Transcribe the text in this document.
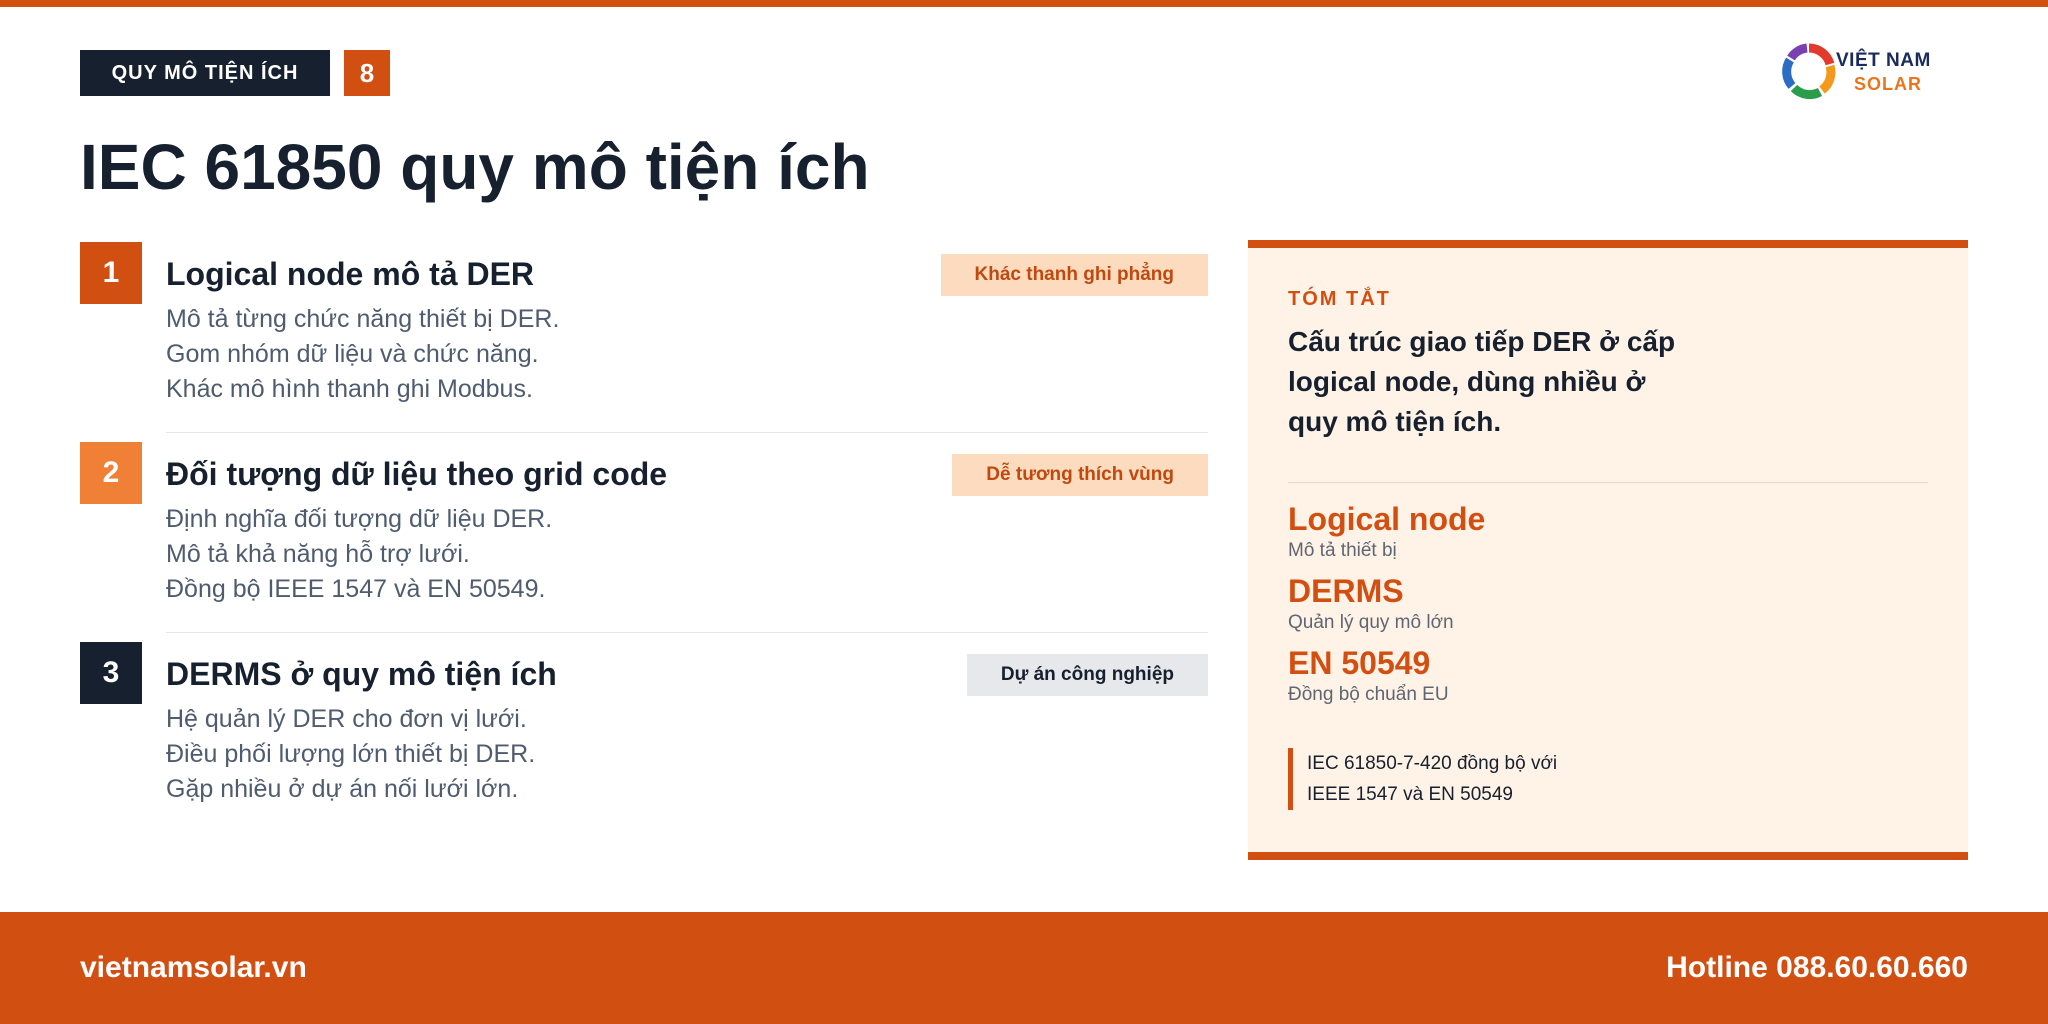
QUY MÔ TIỆN ÍCH	8	VIỆT NAM
SOLAR
IEC 61850 quy mô tiện ích
1	Logical node mô tả DER	Khác thanh ghi phẳng
Mô tả từng chức năng thiết bị DER.
Gom nhóm dữ liệu và chức năng.
Khác mô hình thanh ghi Modbus.
2	Đối tượng dữ liệu theo grid code	Dễ tương thích vùng
Định nghĩa đối tượng dữ liệu DER.
Mô tả khả năng hỗ trợ lưới.
Đồng bộ IEEE 1547 và EN 50549.
3	DERMS ở quy mô tiện ích	Dự án công nghiệp
Hệ quản lý DER cho đơn vị lưới.
Điều phối lượng lớn thiết bị DER.
Gặp nhiều ở dự án nối lưới lớn.
TÓM TẮT
Cấu trúc giao tiếp DER ở cấp
logical node, dùng nhiều ở
quy mô tiện ích.
Logical node
Mô tả thiết bị
DERMS
Quản lý quy mô lớn
EN 50549
Đồng bộ chuẩn EU
IEC 61850-7-420 đồng bộ với
IEEE 1547 và EN 50549
vietnamsolar.vn	Hotline 088.60.60.660
